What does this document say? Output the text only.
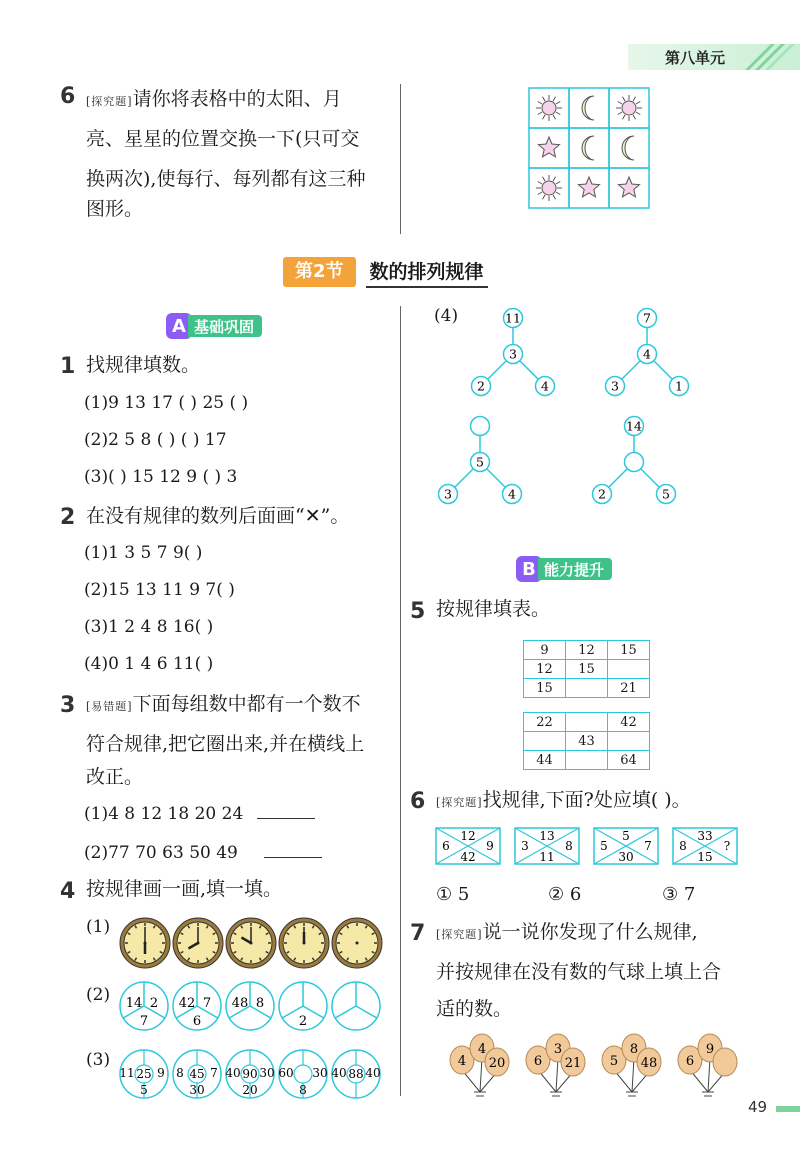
第八单元
6 [探究题]请你将表格中的太阳、月
亮、星星的位置交换一下(只可交
换两次),使每行、每列都有这三种
图形。
第2节	数的排列规律
A 基础巩固
1 找规律填数。
(1)9 13 17 ( ) 25 ( )
(2)2 5 8 ( ) ( ) 17
(3)( ) 15 12 9 ( ) 3
2 在没有规律的数列后面画“✕”。
(1)1 3 5 7 9( )
(2)15 13 11 9 7( )
(3)1 2 4 8 16( )
(4)0 1 4 6 11( )
3 [易错题]下面每组数中都有一个数不
符合规律,把它圈出来,并在横线上
改正。
(1)4 8 12 18 20 24
(2)77 70 63 50 49
4 按规律画一画,填一填。
(1)
(2) 14 2
7
42 7
6
48 8
2
(3)
11 25 9
5
8 45 7
30
40 90 30
20
60 30
8
40 88 40
(4)	11
3
2	4
7
4
3	1
5
3	4
14
2	5
B 能力提升
5 按规律填表。
9	12	15
12	15	
15		21
22		42
	43	
44		64
6 [探究题]找规律,下面?处应填( )。
12
6	9
42
13
3	8
11
5
5	7
30
33
8	?
15
① 5	② 6	③ 7
7 [探究题]说一说你发现了什么规律,
并按规律在没有数的气球上填上合
适的数。
4
4
20 6
3
21 5
8
48 6
9
49
